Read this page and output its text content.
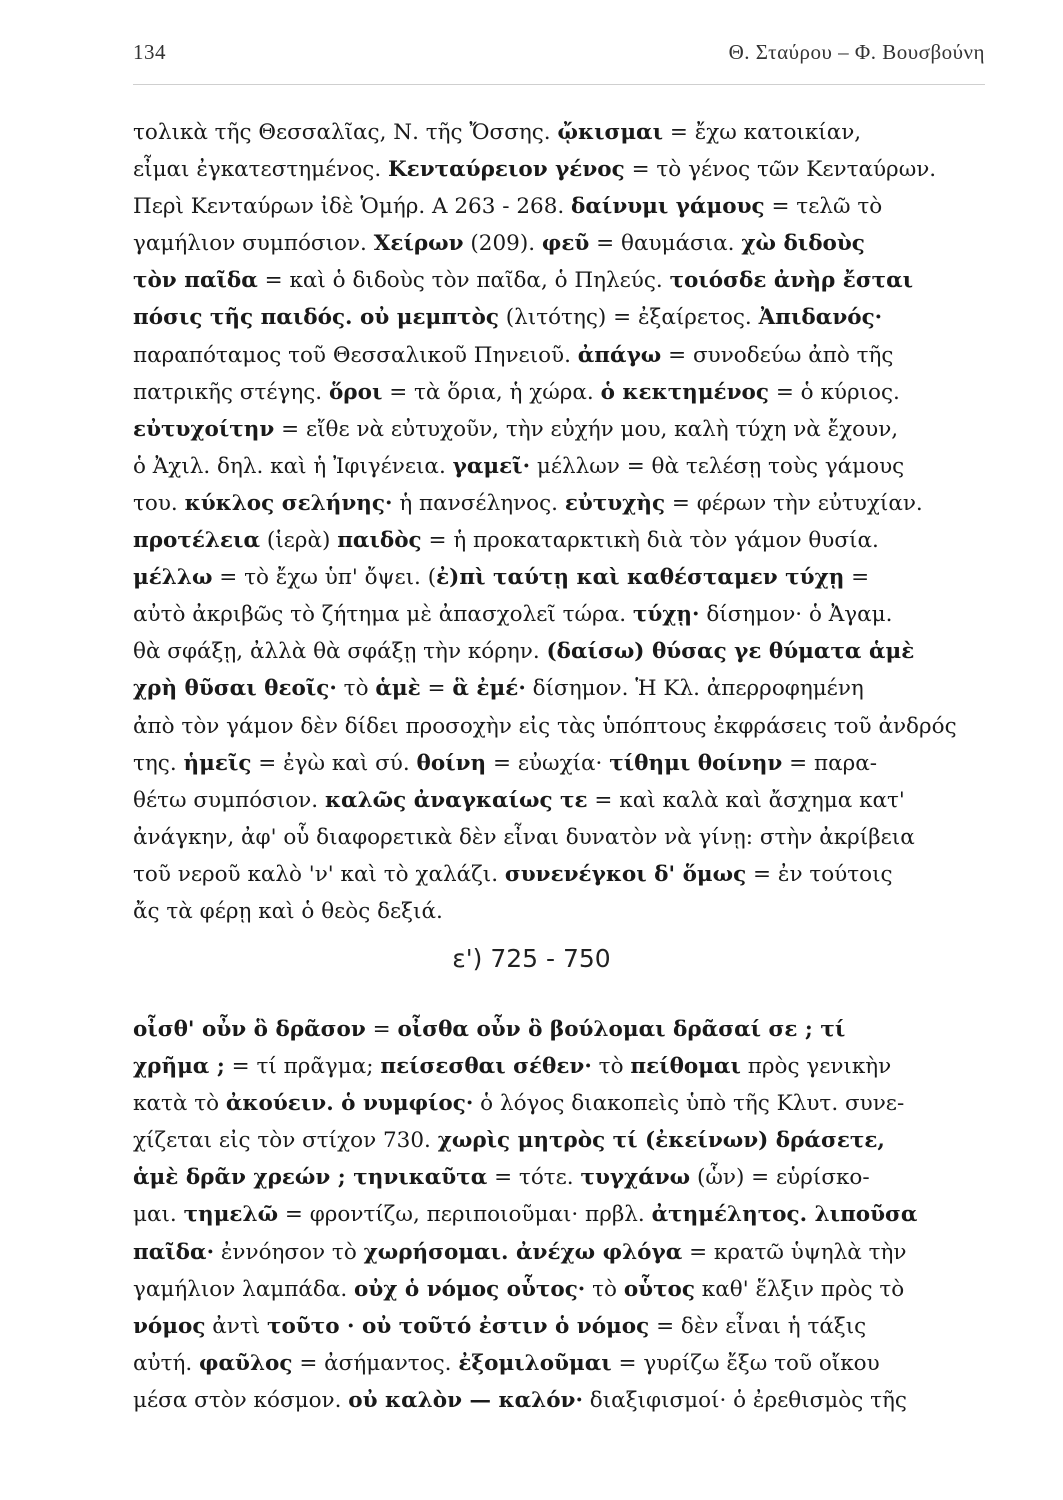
134	Θ. Σταύρου – Φ. Βουσβούνη
τολικὰ τῆς Θεσσαλῖας, Ν. τῆς Ὄσσης. ᾤκισμαι = ἔχω κατοικίαν,
εἶμαι ἐγκατεστημένος. Κενταύρειον γένος = τὸ γένος τῶν Κενταύρων.
Περὶ Κενταύρων ἰδὲ Ὁμήρ. Α 263 - 268. δαίνυμι γάμους = τελῶ τὸ
γαμήλιον συμπόσιον. Χείρων (209). φεῦ = θαυμάσια. χὼ διδοὺς
τὸν παῖδα = καὶ ὁ διδοὺς τὸν παῖδα, ὁ Πηλεύς. τοιόσδε ἀνὴρ ἔσται
πόσις τῆς παιδός. οὐ μεμπτὸς (λιτότης) = ἐξαίρετος. Ἀπιδανός·
παραπόταμος τοῦ Θεσσαλικοῦ Πηνειοῦ. ἀπάγω = συνοδεύω ἀπὸ τῆς
πατρικῆς στέγης. ὅροι = τὰ ὅρια, ἡ χώρα. ὁ κεκτημένος = ὁ κύριος.
εὐτυχοίτην = εἴθε νὰ εὐτυχοῦν, τὴν εὐχήν μου, καλὴ τύχη νὰ ἔχουν,
ὁ Ἀχιλ. δηλ. καὶ ἡ Ἰφιγένεια. γαμεῖ· μέλλων = θὰ τελέσῃ τοὺς γάμους
του. κύκλος σελήνης· ἡ πανσέληνος. εὐτυχὴς = φέρων τὴν εὐτυχίαν.
προτέλεια (ἱερὰ) παιδὸς = ἡ προκαταρκτικὴ διὰ τὸν γάμον θυσία.
μέλλω = τὸ ἔχω ὑπ' ὄψει. (ἐ)πὶ ταύτῃ καὶ καθέσταμεν τύχῃ =
αὐτὸ ἀκριβῶς τὸ ζήτημα μὲ ἀπασχολεῖ τώρα. τύχῃ· δίσημον· ὁ Ἀγαμ.
θὰ σφάξῃ, ἀλλὰ θὰ σφάξῃ τὴν κόρην. (δαίσω) θύσας γε θύματα ἁμὲ
χρὴ θῦσαι θεοῖς· τὸ ἁμὲ = ἃ ἐμέ· δίσημον. Ἡ Κλ. ἀπερροφημένη
ἀπὸ τὸν γάμον δὲν δίδει προσοχὴν εἰς τὰς ὑπόπτους ἐκφράσεις τοῦ ἀνδρός
της. ἡμεῖς = ἐγὼ καὶ σύ. θοίνη = εὐωχία· τίθημι θοίνην = παρα-
θέτω συμπόσιον. καλῶς ἀναγκαίως τε = καὶ καλὰ καὶ ἄσχημα κατ'
ἀνάγκην, ἀφ' οὗ διαφορετικὰ δὲν εἶναι δυνατὸν νὰ γίνῃ: στὴν ἀκρίβεια
τοῦ νεροῦ καλὸ 'ν' καὶ τὸ χαλάζι. συνενέγκοι δ' ὅμως = ἐν τούτοις
ἄς τὰ φέρῃ καὶ ὁ θεὸς δεξιά.
ε') 725 - 750
οἶσθ' οὖν ὃ δρᾶσον = οἶσθα οὖν ὃ βούλομαι δρᾶσαί σε ; τί
χρῆμα ; = τί πρᾶγμα; πείσεσθαι σέθεν· τὸ πείθομαι πρὸς γενικὴν
κατὰ τὸ ἀκούειν. ὁ νυμφίος· ὁ λόγος διακοπεὶς ὑπὸ τῆς Κλυτ. συνε-
χίζεται εἰς τὸν στίχον 730. χωρὶς μητρὸς τί (ἐκείνων) δράσετε,
ἁμὲ δρᾶν χρεών ; τηνικαῦτα = τότε. τυγχάνω (ὧν) = εὑρίσκο-
μαι. τημελῶ = φροντίζω, περιποιοῦμαι· πρβλ. ἀτημέλητος. λιποῦσα
παῖδα· ἐννόησον τὸ χωρήσομαι. ἀνέχω φλόγα = κρατῶ ὑψηλὰ τὴν
γαμήλιον λαμπάδα. οὐχ ὁ νόμος οὗτος· τὸ οὗτος καθ' ἕλξιν πρὸς τὸ
νόμος ἀντὶ τοῦτο · οὐ τοῦτό ἐστιν ὁ νόμος = δὲν εἶναι ἡ τάξις
αὐτή. φαῦλος = ἀσήμαντος. ἐξομιλοῦμαι = γυρίζω ἔξω τοῦ οἴκου
μέσα στὸν κόσμον. οὐ καλὸν — καλόν· διαξιφισμοί· ὁ ἐρεθισμὸς τῆς
